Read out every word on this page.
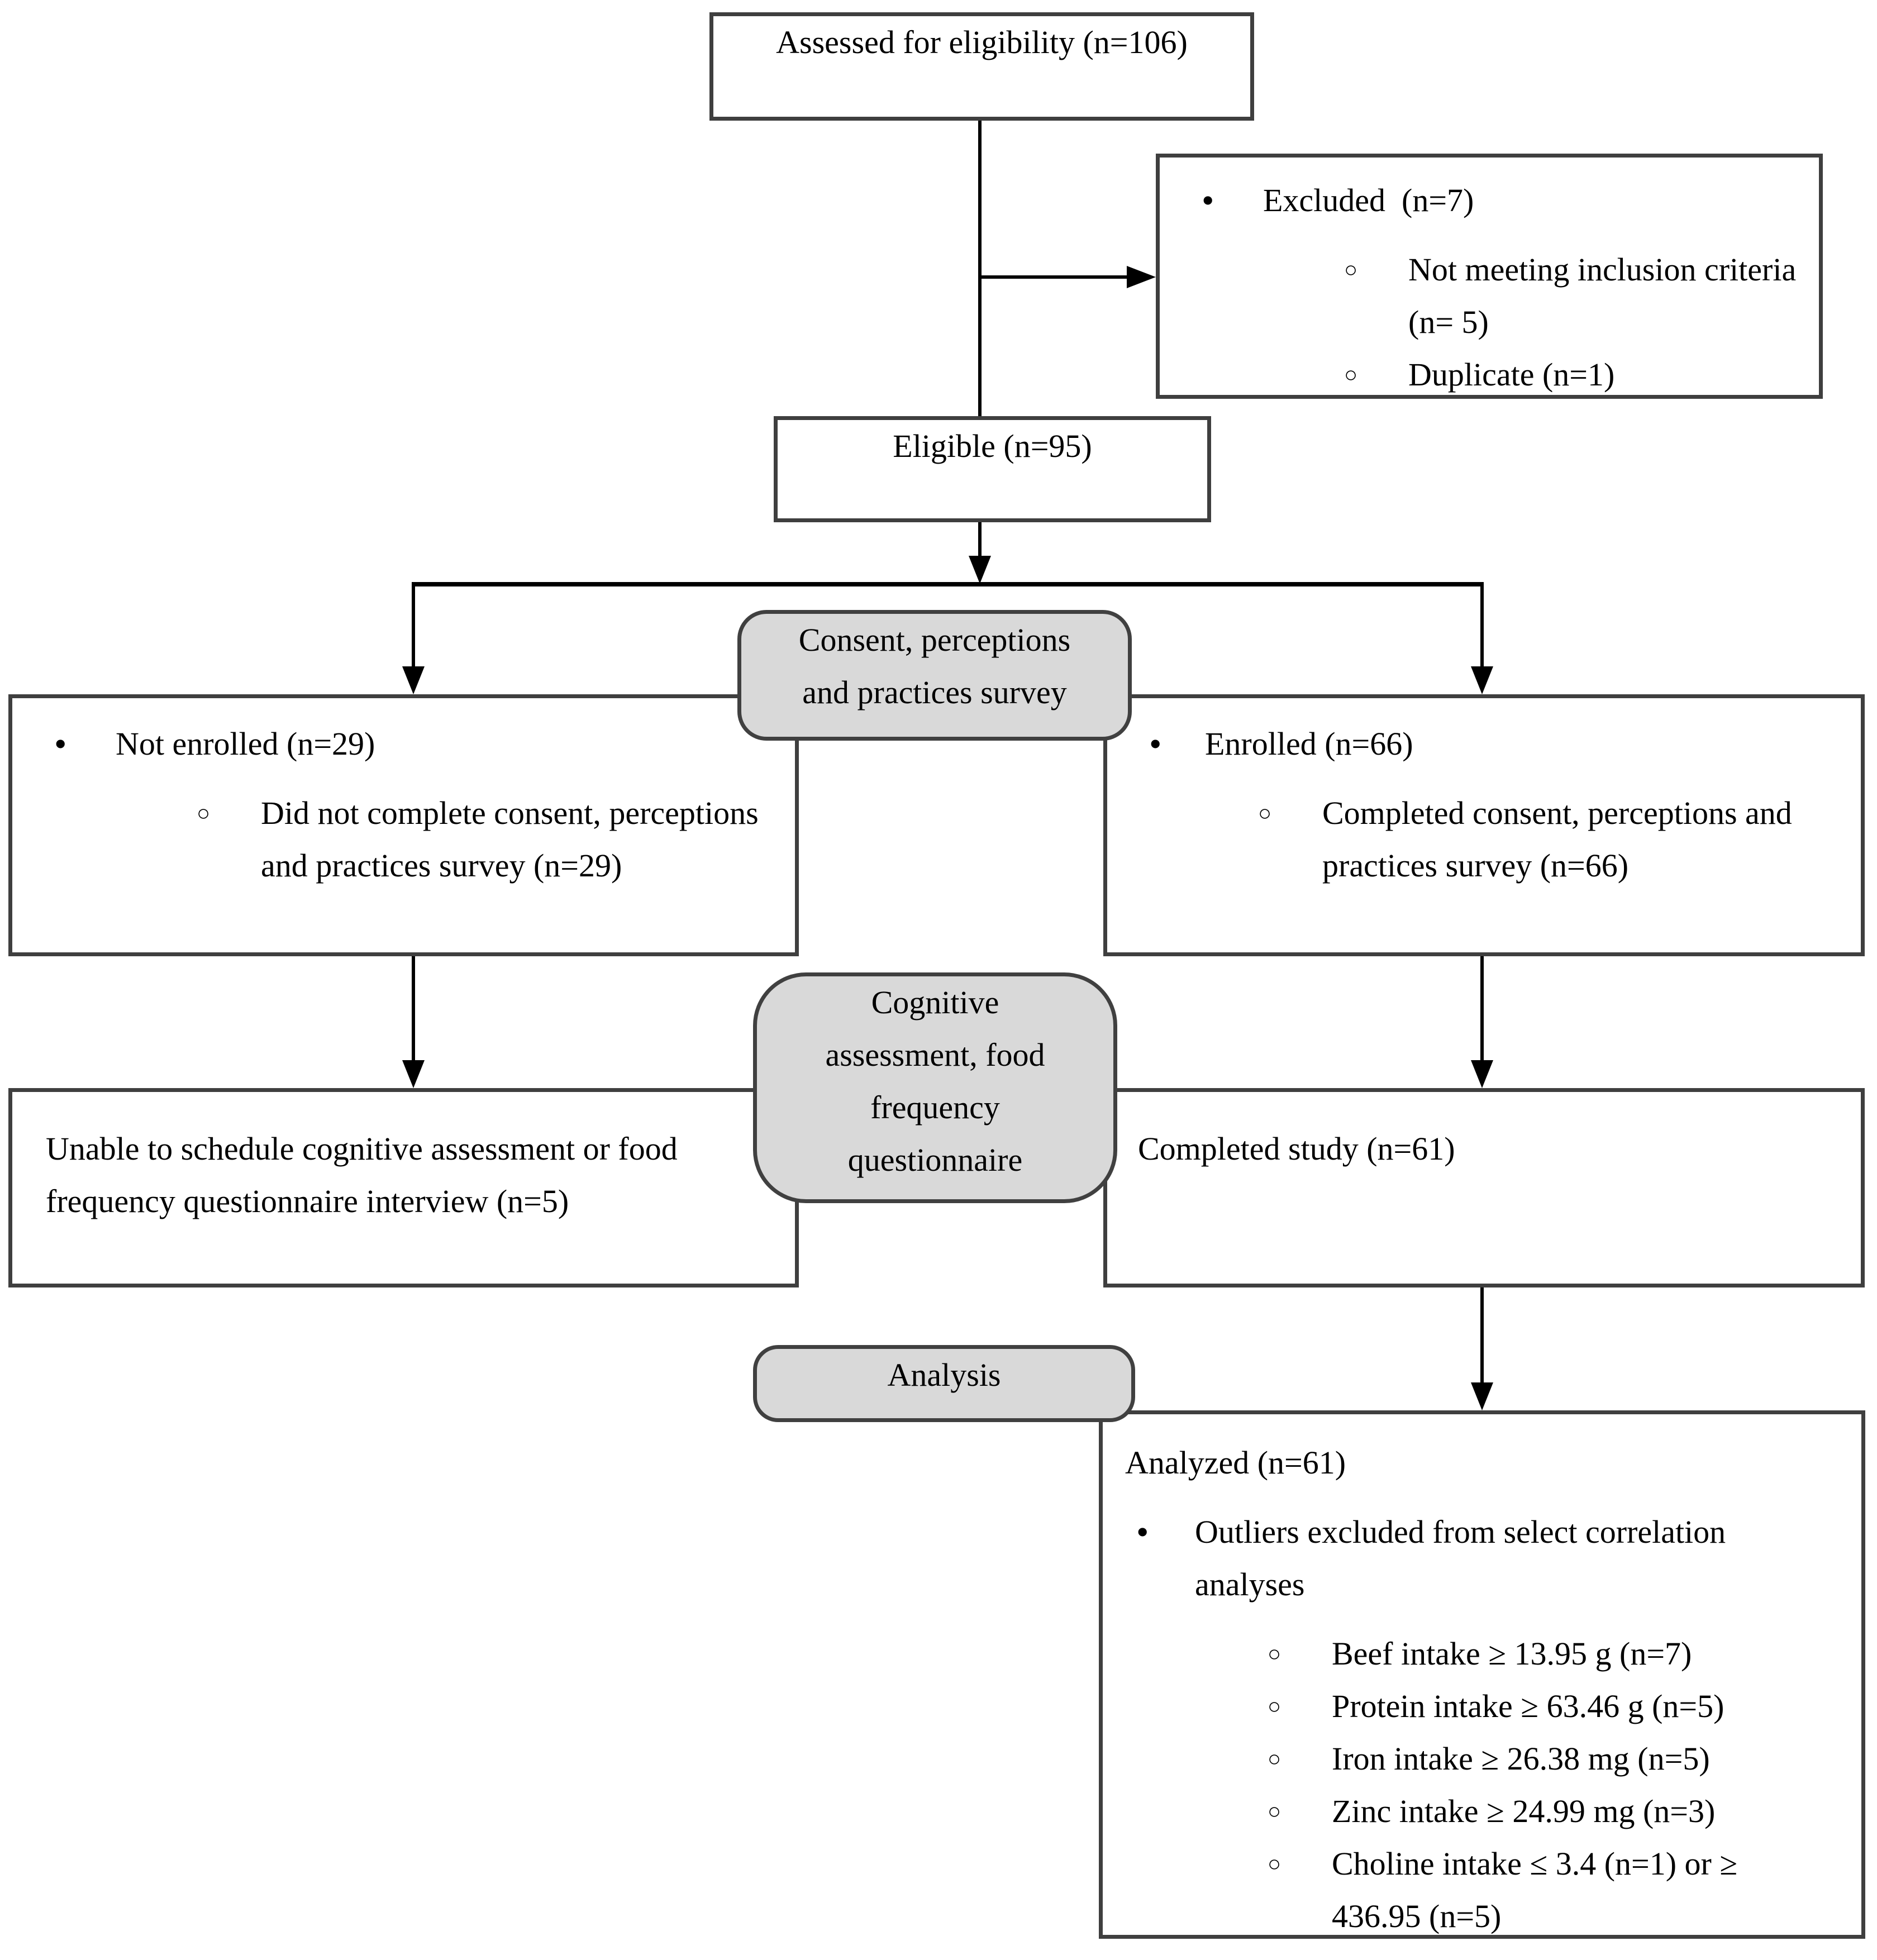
Assessed for eligibility (n=106)
•	Excluded  (n=7)
○	Not meeting inclusion criteria (n= 5)
○	Duplicate (n=1)
Eligible (n=95)
•	Not enrolled (n=29)
○	Did not complete consent, perceptions and practices survey (n=29)
•	Enrolled (n=66)
○	Completed consent, perceptions and practices survey (n=66)
Consent, perceptions and practices survey
Unable to schedule cognitive assessment or food frequency questionnaire interview (n=5)
Completed study (n=61)
Cognitive assessment, food frequency questionnaire
Analysis
Analyzed (n=61)
•	Outliers excluded from select correlation analyses
○	Beef intake ≥ 13.95 g (n=7)
○	Protein intake ≥ 63.46 g (n=5)
○	Iron intake ≥ 26.38 mg (n=5)
○	Zinc intake ≥ 24.99 mg (n=3)
○	Choline intake ≤ 3.4 (n=1) or ≥ 436.95 (n=5)
